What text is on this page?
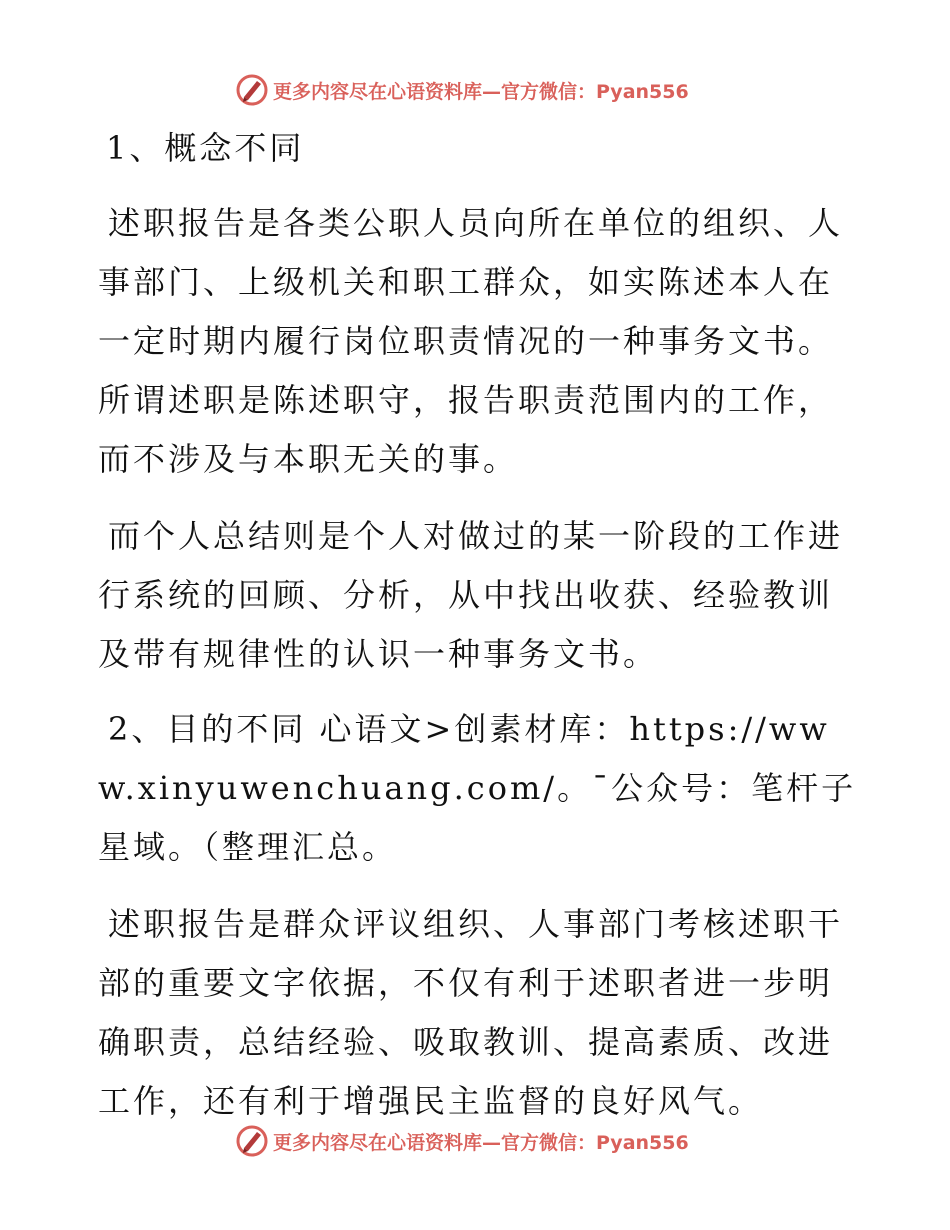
更多内容尽在心语资料库—官方微信：Pyan556

1、概念不同

述职报告是各类公职人员向所在单位的组织、人事部门、上级机关和职工群众，如实陈述本人在一定时期内履行岗位职责情况的一种事务文书。所谓述职是陈述职守，报告职责范围内的工作，而不涉及与本职无关的事。

而个人总结则是个人对做过的某一阶段的工作进行系统的回顾、分析，从中找出收获、经验教训及带有规律性的认识一种事务文书。

2、目的不同 心语文>创素材库：https://www.xinyuwenchuang.com/。¯公众号：笔杆子星域。（整理汇总。

述职报告是群众评议组织、人事部门考核述职干部的重要文字依据，不仅有利于述职者进一步明确职责，总结经验、吸取教训、提高素质、改进工作，还有利于增强民主监督的良好风气。

更多内容尽在心语资料库—官方微信：Pyan556
